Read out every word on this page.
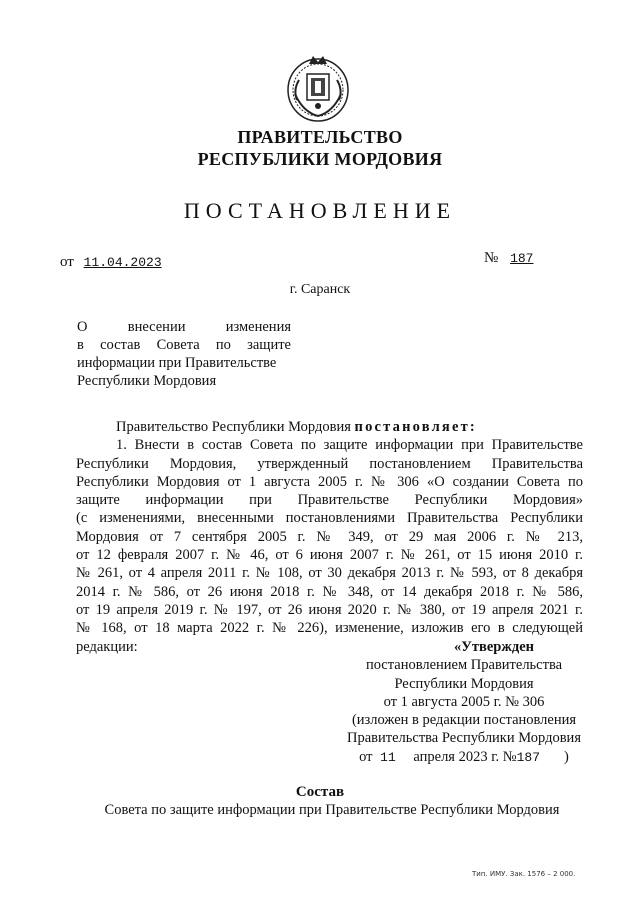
ПРАВИТЕЛЬСТВО
РЕСПУБЛИКИ МОРДОВИЯ
ПОСТАНОВЛЕНИЕ
от 11.04.2023	№ 187
г. Саранск
О внесении изменения
в состав Совета по защите
информации при Правительстве
Республики Мордовия
Правительство Республики Мордовия постановляет:
1. Внести в состав Совета по защите информации при Правительстве
Республики Мордовия, утвержденный постановлением Правительства
Республики Мордовия от 1 августа 2005 г. № 306 «О создании Совета по
защите информации при Правительстве Республики Мордовия»
(с изменениями, внесенными постановлениями Правительства Республики
Мордовия от 7 сентября 2005 г. № 349, от 29 мая 2006 г. № 213,
от 12 февраля 2007 г. № 46, от 6 июня 2007 г. № 261, от 15 июня 2010 г.
№ 261, от 4 апреля 2011 г. № 108, от 30 декабря 2013 г. № 593, от 8 декабря
2014 г. № 586, от 26 июня 2018 г. № 348, от 14 декабря 2018 г. № 586,
от 19 апреля 2019 г. № 197, от 26 июня 2020 г. № 380, от 19 апреля 2021 г.
№ 168, от 18 марта 2022 г. № 226), изменение, изложив его в следующей
редакции:	«Утвержден
постановлением Правительства
Республики Мордовия
от 1 августа 2005 г. № 306
(изложен в редакции постановления
Правительства Республики Мордовия
от 11 апреля 2023 г. №187 )
Состав
Совета по защите информации при Правительстве Республики Мордовия
Тип. ИМУ. Зак. 1576 – 2 000.
